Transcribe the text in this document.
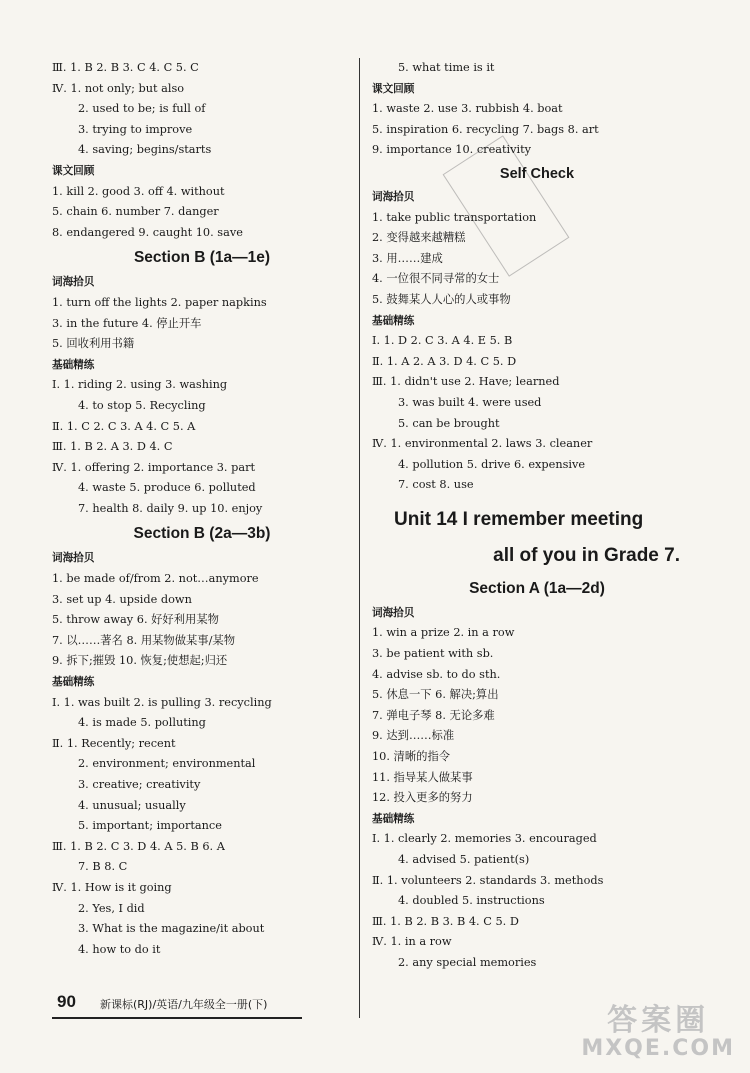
Ⅲ. 1. B 2. B 3. C 4. C 5. C
Ⅳ. 1. not only; but also
2. used to be; is full of
3. trying to improve
4. saving; begins/starts
课文回顾
1. kill 2. good 3. off 4. without
5. chain 6. number 7. danger
8. endangered 9. caught 10. save
Section B (1a—1e)
词海拾贝
1. turn off the lights 2. paper napkins
3. in the future 4. 停止开车
5. 回收利用书籍
基础精练
Ⅰ. 1. riding 2. using 3. washing
4. to stop 5. Recycling
Ⅱ. 1. C 2. C 3. A 4. C 5. A
Ⅲ. 1. B 2. A 3. D 4. C
Ⅳ. 1. offering 2. importance 3. part
4. waste 5. produce 6. polluted
7. health 8. daily 9. up 10. enjoy
Section B (2a—3b)
词海拾贝
1. be made of/from 2. not…anymore
3. set up 4. upside down
5. throw away 6. 好好利用某物
7. 以……著名 8. 用某物做某事/某物
9. 拆下;摧毁 10. 恢复;使想起;归还
基础精练
Ⅰ. 1. was built 2. is pulling 3. recycling
4. is made 5. polluting
Ⅱ. 1. Recently; recent
2. environment; environmental
3. creative; creativity
4. unusual; usually
5. important; importance
Ⅲ. 1. B 2. C 3. D 4. A 5. B 6. A
7. B 8. C
Ⅳ. 1. How is it going
2. Yes, I did
3. What is the magazine/it about
4. how to do it
5. what time is it
课文回顾
1. waste 2. use 3. rubbish 4. boat
5. inspiration 6. recycling 7. bags 8. art
9. importance 10. creativity
Self Check
词海拾贝
1. take public transportation
2. 变得越来越糟糕
3. 用……建成
4. 一位很不同寻常的女士
5. 鼓舞某人人心的人或事物
基础精练
Ⅰ. 1. D 2. C 3. A 4. E 5. B
Ⅱ. 1. A 2. A 3. D 4. C 5. D
Ⅲ. 1. didn't use 2. Have; learned
3. was built 4. were used
5. can be brought
Ⅳ. 1. environmental 2. laws 3. cleaner
4. pollution 5. drive 6. expensive
7. cost 8. use
Unit 14 I remember meeting
all of you in Grade 7.
Section A (1a—2d)
词海拾贝
1. win a prize 2. in a row
3. be patient with sb.
4. advise sb. to do sth.
5. 休息一下 6. 解决;算出
7. 弹电子琴 8. 无论多难
9. 达到……标准
10. 清晰的指令
11. 指导某人做某事
12. 投入更多的努力
基础精练
Ⅰ. 1. clearly 2. memories 3. encouraged
4. advised 5. patient(s)
Ⅱ. 1. volunteers 2. standards 3. methods
4. doubled 5. instructions
Ⅲ. 1. B 2. B 3. B 4. C 5. D
Ⅳ. 1. in a row
2. any special memories
90 新课标(RJ)/英语/九年级全一册(下)	答案圈
MXQE.COM
